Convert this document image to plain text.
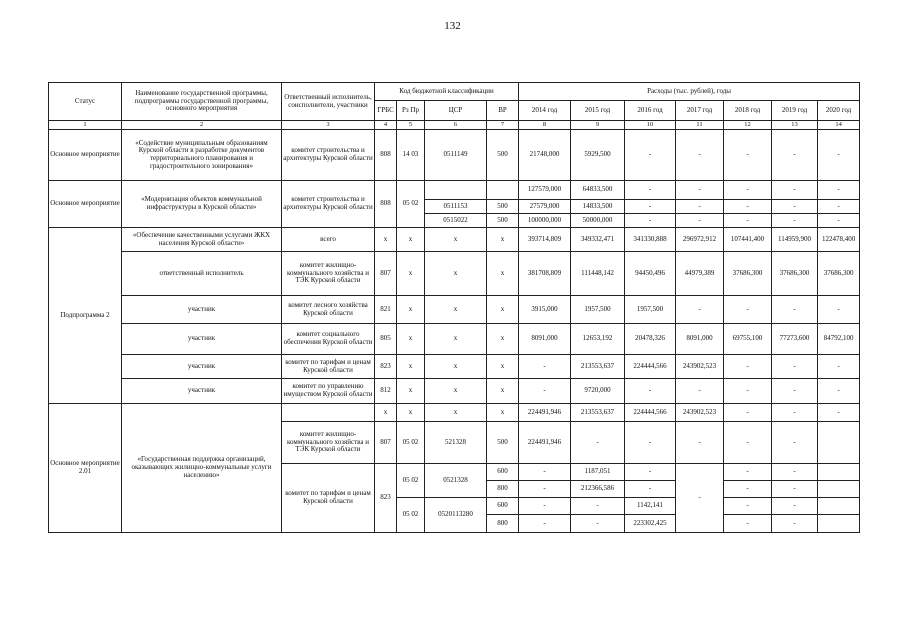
132
Статус	Наименование государственной программы, подпрограммы государственной программы, основного мероприятия	Ответственный исполнитель, соисполнители, участники	Код бюджетной классификации				Расходы (тыс. рублей), годы						
			ГРБС	Рз Пр	ЦСР	ВР	2014 год	2015 год	2016 год	2017 год	2018 год	2019 год	2020 год
1	2	3	4	5	6	7	8	9	10	11	12	13	14
Основное мероприятие	«Содействие муниципальным образованиям Курской области в разработке документов территориального планирования и градостроительного зонирования»	комитет строительства и архитектуры Курской области	808	14 03	0511149	500	21748,000	5929,500	-	-	-	-	-
Основное мероприятие	«Модернизация объектов коммунальной инфраструктуры в Курской области»	комитет строительства и архитектуры Курской области	808	05 02			127579,000	64833,500	-	-	-	-	-
					0511153	500	27579,000	14833,500	-	-	-	-	-
					0515022	500	100000,000	50000,000	-	-	-	-	-
Подпрограмма 2	«Обеспечение качественными услугами ЖКХ населения Курской области»	всего	х	х	х	х	393714,809	349332,471	341330,888	296972,912	107441,400	114959,900	122478,400
	ответственный исполнитель	комитет жилищно-коммунального хозяйства и ТЭК Курской области	807	х	х	х	381708,809	111448,142	94450,496	44979,389	37686,300	37686,300	37686,300
	участник	комитет лесного хозяйства Курской области	821	х	х	х	3915,000	1957,500	1957,500	-	-	-	-
	участник	комитет социального обеспечения Курской области	805	х	х	х	8091,000	12653,192	20478,326	8091,000	69755,100	77273,600	84792,100
	участник	комитет по тарифам и ценам Курской области	823	х	х	х	-	213553,637	224444,566	243902,523	-	-	-
	участник	комитет по управлению имуществом Курской области	812	х	х	х	-	9720,000	-	-	-	-	-
Основное мероприятие 2.01	«Государственная поддержка организаций, оказывающих жилищно-коммунальные услуги населению»		х	х	х	х	224491,946	213553,637	224444,566	243902,523	-	-	-
		комитет жилищно-коммунального хозяйства и ТЭК Курской области	807	05 02	521328	500	224491,946	-	-	-	-	-	
		комитет по тарифам и ценам Курской области	823	05 02	0521328	600	-	1187,051	-	-	-	-	
						800	-	212366,586	-		-	-	
				05 02	0520113280	600	-	-	1142,141		-	-	
						800	-	-	223302,425		-	-	
